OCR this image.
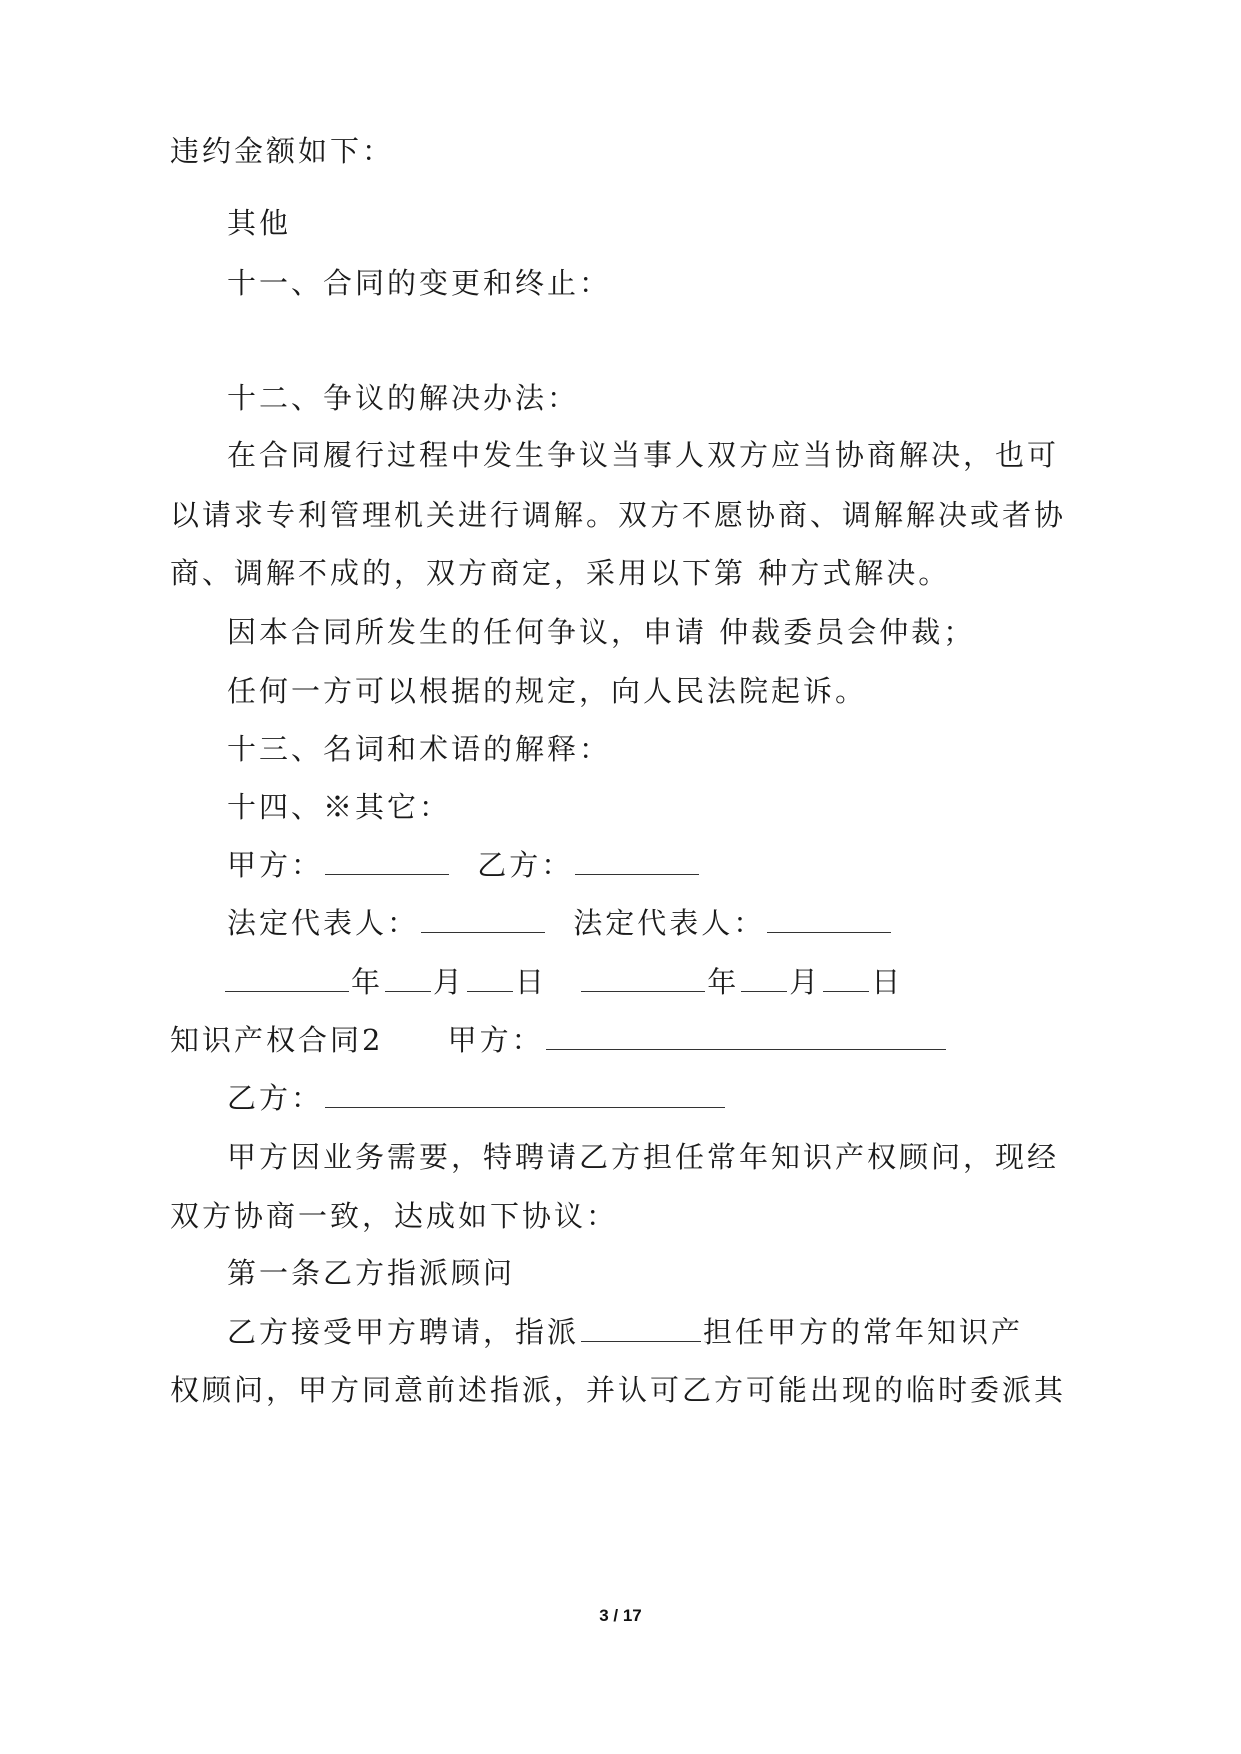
违约金额如下：
其他
十一、合同的变更和终止：
十二、争议的解决办法：
在合同履行过程中发生争议当事人双方应当协商解决，也可
以请求专利管理机关进行调解。双方不愿协商、调解解决或者协
商、调解不成的，双方商定，采用以下第 种方式解决。
因本合同所发生的任何争议，申请 仲裁委员会仲裁；
任何一方可以根据的规定，向人民法院起诉。
十三、名词和术语的解释：
十四、※其它：
甲方：	乙方：
法定代表人：	法定代表人：
年 月 日	年 月 日
知识产权合同2 甲方：
乙方：
甲方因业务需要，特聘请乙方担任常年知识产权顾问，现经
双方协商一致，达成如下协议：
第一条乙方指派顾问
乙方接受甲方聘请，指派	担任甲方的常年知识产
权顾问，甲方同意前述指派，并认可乙方可能出现的临时委派其
3 / 17
